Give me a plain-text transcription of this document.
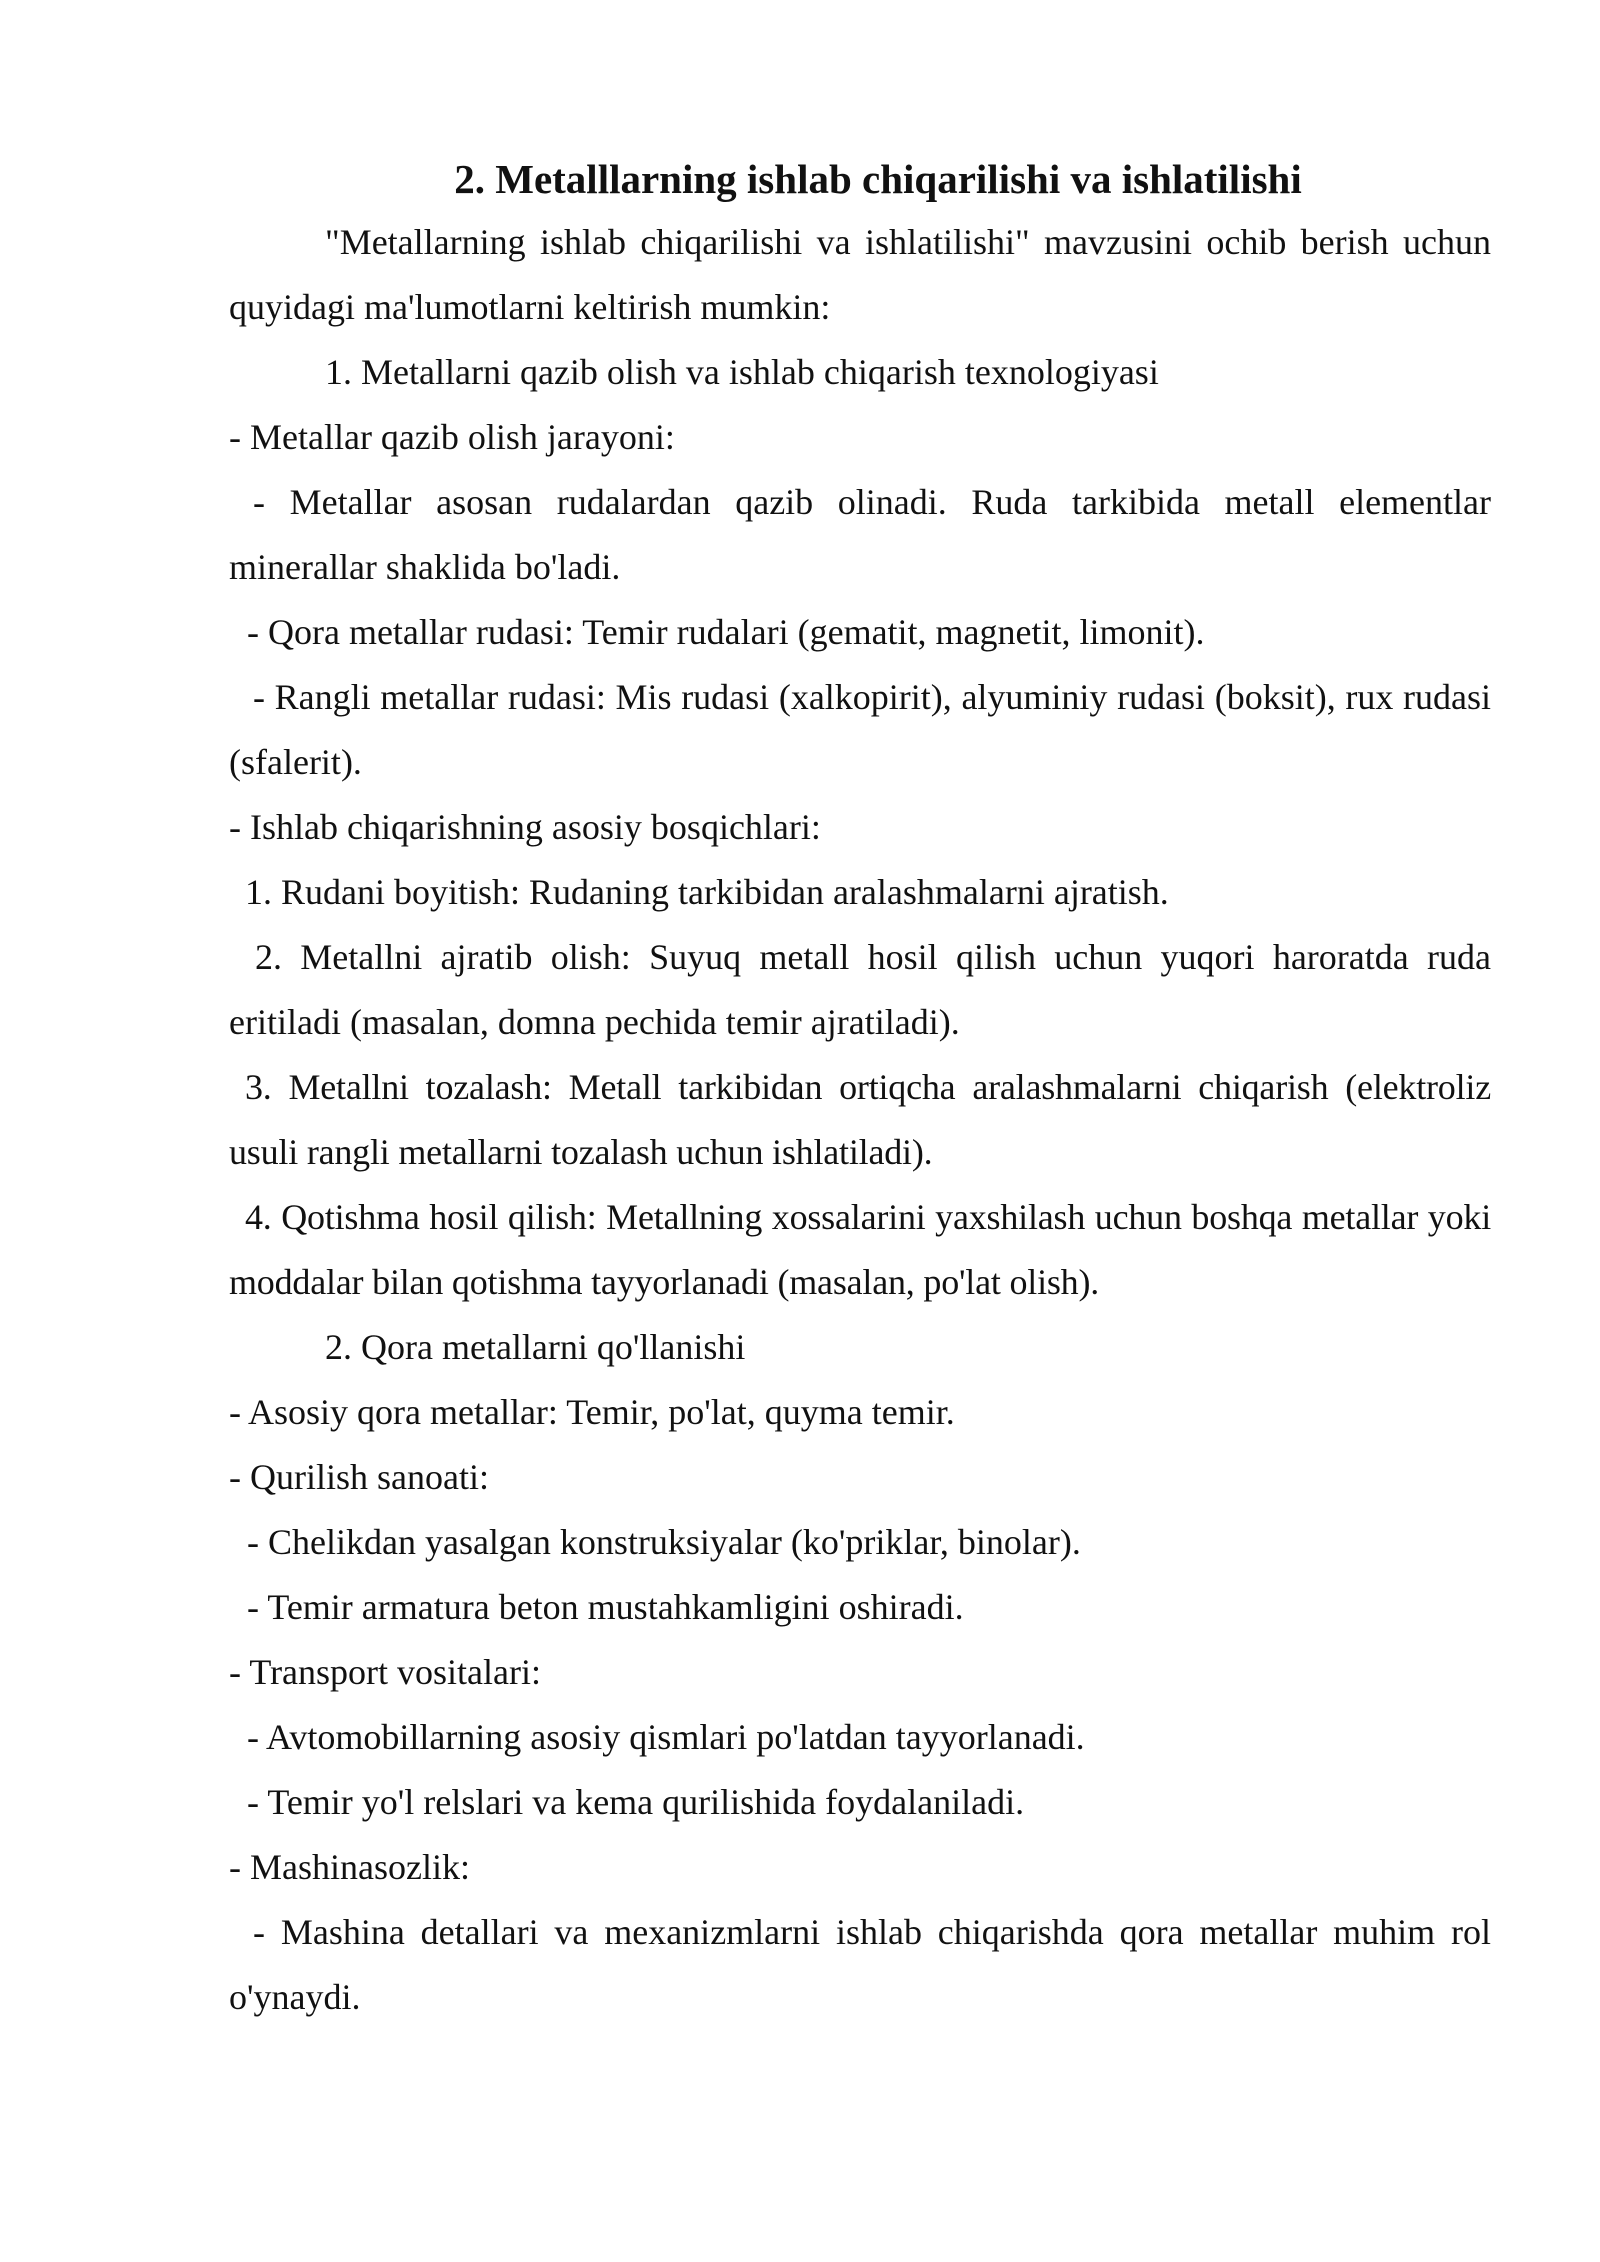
2. Metalllarning ishlab chiqarilishi va ishlatilishi

"Metallarning ishlab chiqarilishi va ishlatilishi" mavzusini ochib berish uchun quyidagi ma'lumotlarni keltirish mumkin:

1. Metallarni qazib olish va ishlab chiqarish texnologiyasi

- Metallar qazib olish jarayoni:

- Metallar asosan rudalardan qazib olinadi. Ruda tarkibida metall elementlar minerallar shaklida bo'ladi.

- Qora metallar rudasi: Temir rudalari (gematit, magnetit, limonit).

- Rangli metallar rudasi: Mis rudasi (xalkopirit), alyuminiy rudasi (boksit), rux rudasi (sfalerit).

- Ishlab chiqarishning asosiy bosqichlari:

1. Rudani boyitish: Rudaning tarkibidan aralashmalarni ajratish.

2. Metallni ajratib olish: Suyuq metall hosil qilish uchun yuqori haroratda ruda eritiladi (masalan, domna pechida temir ajratiladi).

3. Metallni tozalash: Metall tarkibidan ortiqcha aralashmalarni chiqarish (elektroliz usuli rangli metallarni tozalash uchun ishlatiladi).

4. Qotishma hosil qilish: Metallning xossalarini yaxshilash uchun boshqa metallar yoki moddalar bilan qotishma tayyorlanadi (masalan, po'lat olish).

2. Qora metallarni qo'llanishi

- Asosiy qora metallar: Temir, po'lat, quyma temir.

- Qurilish sanoati:

- Chelikdan yasalgan konstruksiyalar (ko'priklar, binolar).

- Temir armatura beton mustahkamligini oshiradi.

- Transport vositalari:

- Avtomobillarning asosiy qismlari po'latdan tayyorlanadi.

- Temir yo'l relslari va kema qurilishida foydalaniladi.

- Mashinasozlik:

- Mashina detallari va mexanizmlarni ishlab chiqarishda qora metallar muhim rol o'ynaydi.
